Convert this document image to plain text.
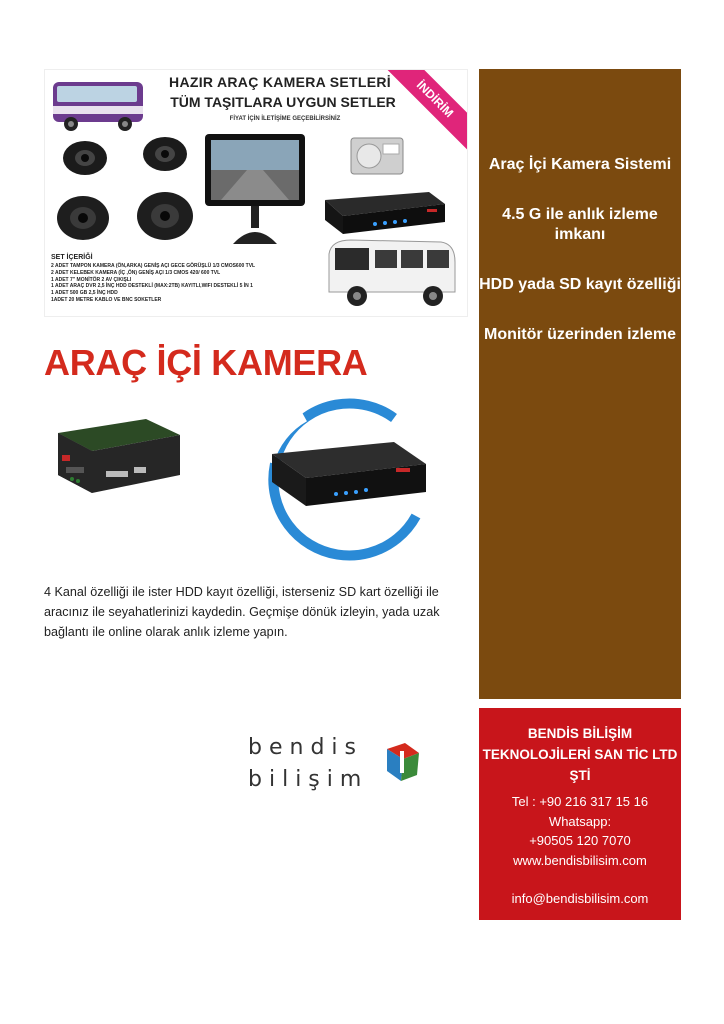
HAZIR ARAÇ KAMERA SETLERİ
TÜM TAŞITLARA UYGUN SETLER
FİYAT İÇİN İLETİŞİME GEÇEBİLİRSİNİZ	İNDİRİM
SET İÇERİĞİ
2 ADET TAMPON KAMERA (ÖN,ARKA) GENİŞ AÇI GECE GÖRÜŞLÜ 1/3 CMOS600 TVL
2 ADET KELEBEK KAMERA (İÇ ,ÖN) GENİŞ AÇI 1/3 CMOS 420/ 600 TVL
1 ADET 7" MONİTÖR 2 AV ÇIKIŞLI
1 ADET ARAÇ DVR 2,5 İNÇ HDD DESTEKLİ (MAX:2TB) KAYITLI,WIFI DESTEKLİ 5 İN 1
1 ADET 500 GB 2,5 İNÇ HDD
1ADET 20 METRE KABLO VE BNC SOKETLER
ARAÇ İÇİ KAMERA

4 Kanal özelliği ile ister HDD kayıt özelliği, isterseniz SD kart özelliği ile aracınız ile seyahatlerinizi kaydedin. Geçmişe dönük izleyin, yada uzak bağlantı ile online olarak anlık izleme yapın.

bendis
bilişim
Araç İçi Kamera Sistemi
4.5 G ile anlık izleme imkanı
HDD yada SD kayıt özelliği
Monitör üzerinden izleme
BENDİS BİLİŞİM TEKNOLOJİLERİ SAN TİC LTD ŞTİ
Tel : +90 216 317 15 16
Whatsapp:
+90505 120 7070
www.bendisbilisim.com
info@bendisbilisim.com
